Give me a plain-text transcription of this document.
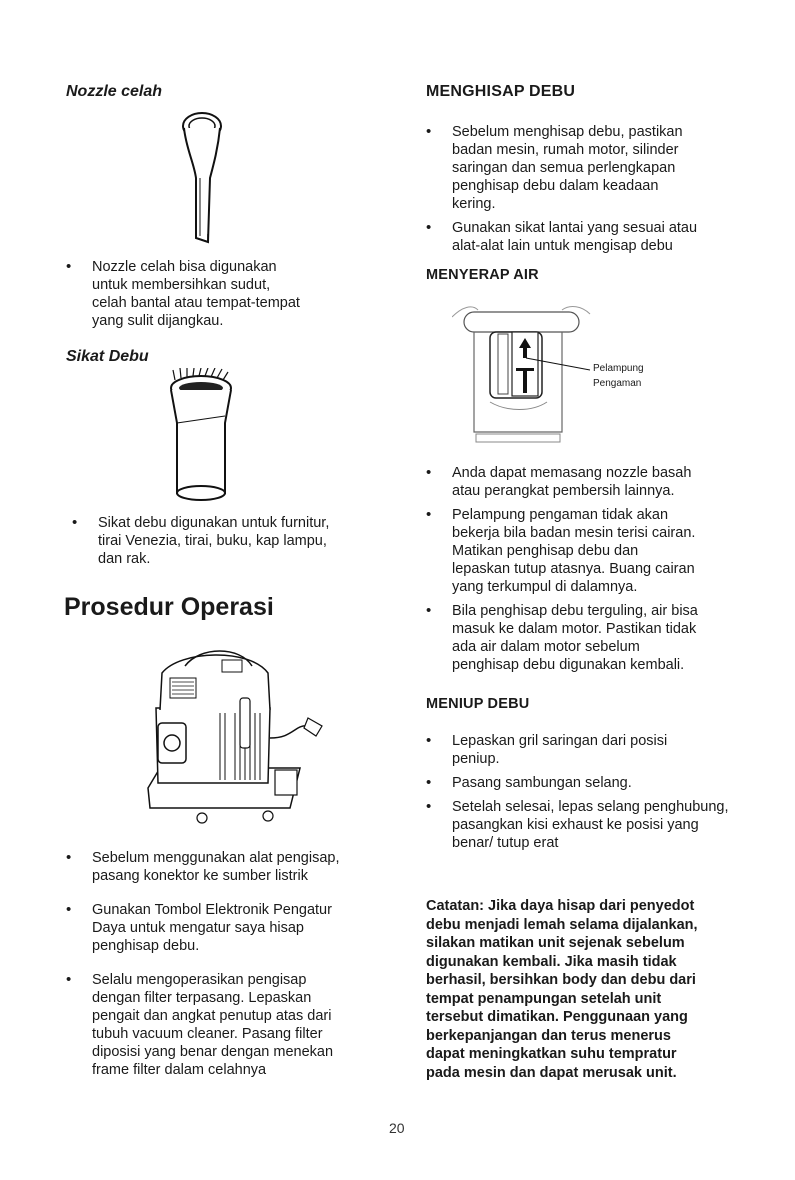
Nozzle celah
• Nozzle celah bisa digunakan
untuk membersihkan sudut,
celah bantal atau tempat-tempat
yang sulit dijangkau.
Sikat Debu
• Sikat debu digunakan untuk furnitur,
tirai Venezia, tirai, buku, kap lampu,
dan rak.
Prosedur Operasi
• Sebelum menggunakan alat pengisap,
pasang konektor ke sumber listrik
• Gunakan Tombol Elektronik Pengatur
Daya untuk mengatur saya hisap
penghisap debu.
• Selalu mengoperasikan pengisap
dengan filter terpasang. Lepaskan
pengait dan angkat penutup atas dari
tubuh vacuum cleaner. Pasang filter
diposisi yang benar dengan menekan
frame filter dalam celahnya
MENGHISAP DEBU
• Sebelum menghisap debu, pastikan
badan mesin, rumah motor, silinder
saringan dan semua perlengkapan
penghisap debu dalam keadaan
kering.
• Gunakan sikat lantai yang sesuai atau
alat-alat lain untuk mengisap debu
MENYERAP AIR
Pelampung
Pengaman
• Anda dapat memasang nozzle basah
atau perangkat pembersih lainnya.
• Pelampung pengaman tidak akan
bekerja bila badan mesin terisi cairan.
Matikan penghisap debu dan
lepaskan tutup atasnya. Buang cairan
yang terkumpul di dalamnya.
• Bila penghisap debu terguling, air bisa
masuk ke dalam motor. Pastikan tidak
ada air dalam motor sebelum
penghisap debu digunakan kembali.
MENIUP DEBU
• Lepaskan gril saringan dari posisi
peniup.
• Pasang sambungan selang.
• Setelah selesai, lepas selang penghubung,
pasangkan kisi exhaust ke posisi yang
benar/ tutup erat
Catatan: Jika daya hisap dari penyedot
debu menjadi lemah selama dijalankan,
silakan matikan unit sejenak sebelum
digunakan kembali. Jika masih tidak
berhasil, bersihkan body dan debu dari
tempat penampungan setelah unit
tersebut dimatikan. Penggunaan yang
berkepanjangan dan terus menerus
dapat meningkatkan suhu tempratur
pada mesin dan dapat merusak unit.
20
